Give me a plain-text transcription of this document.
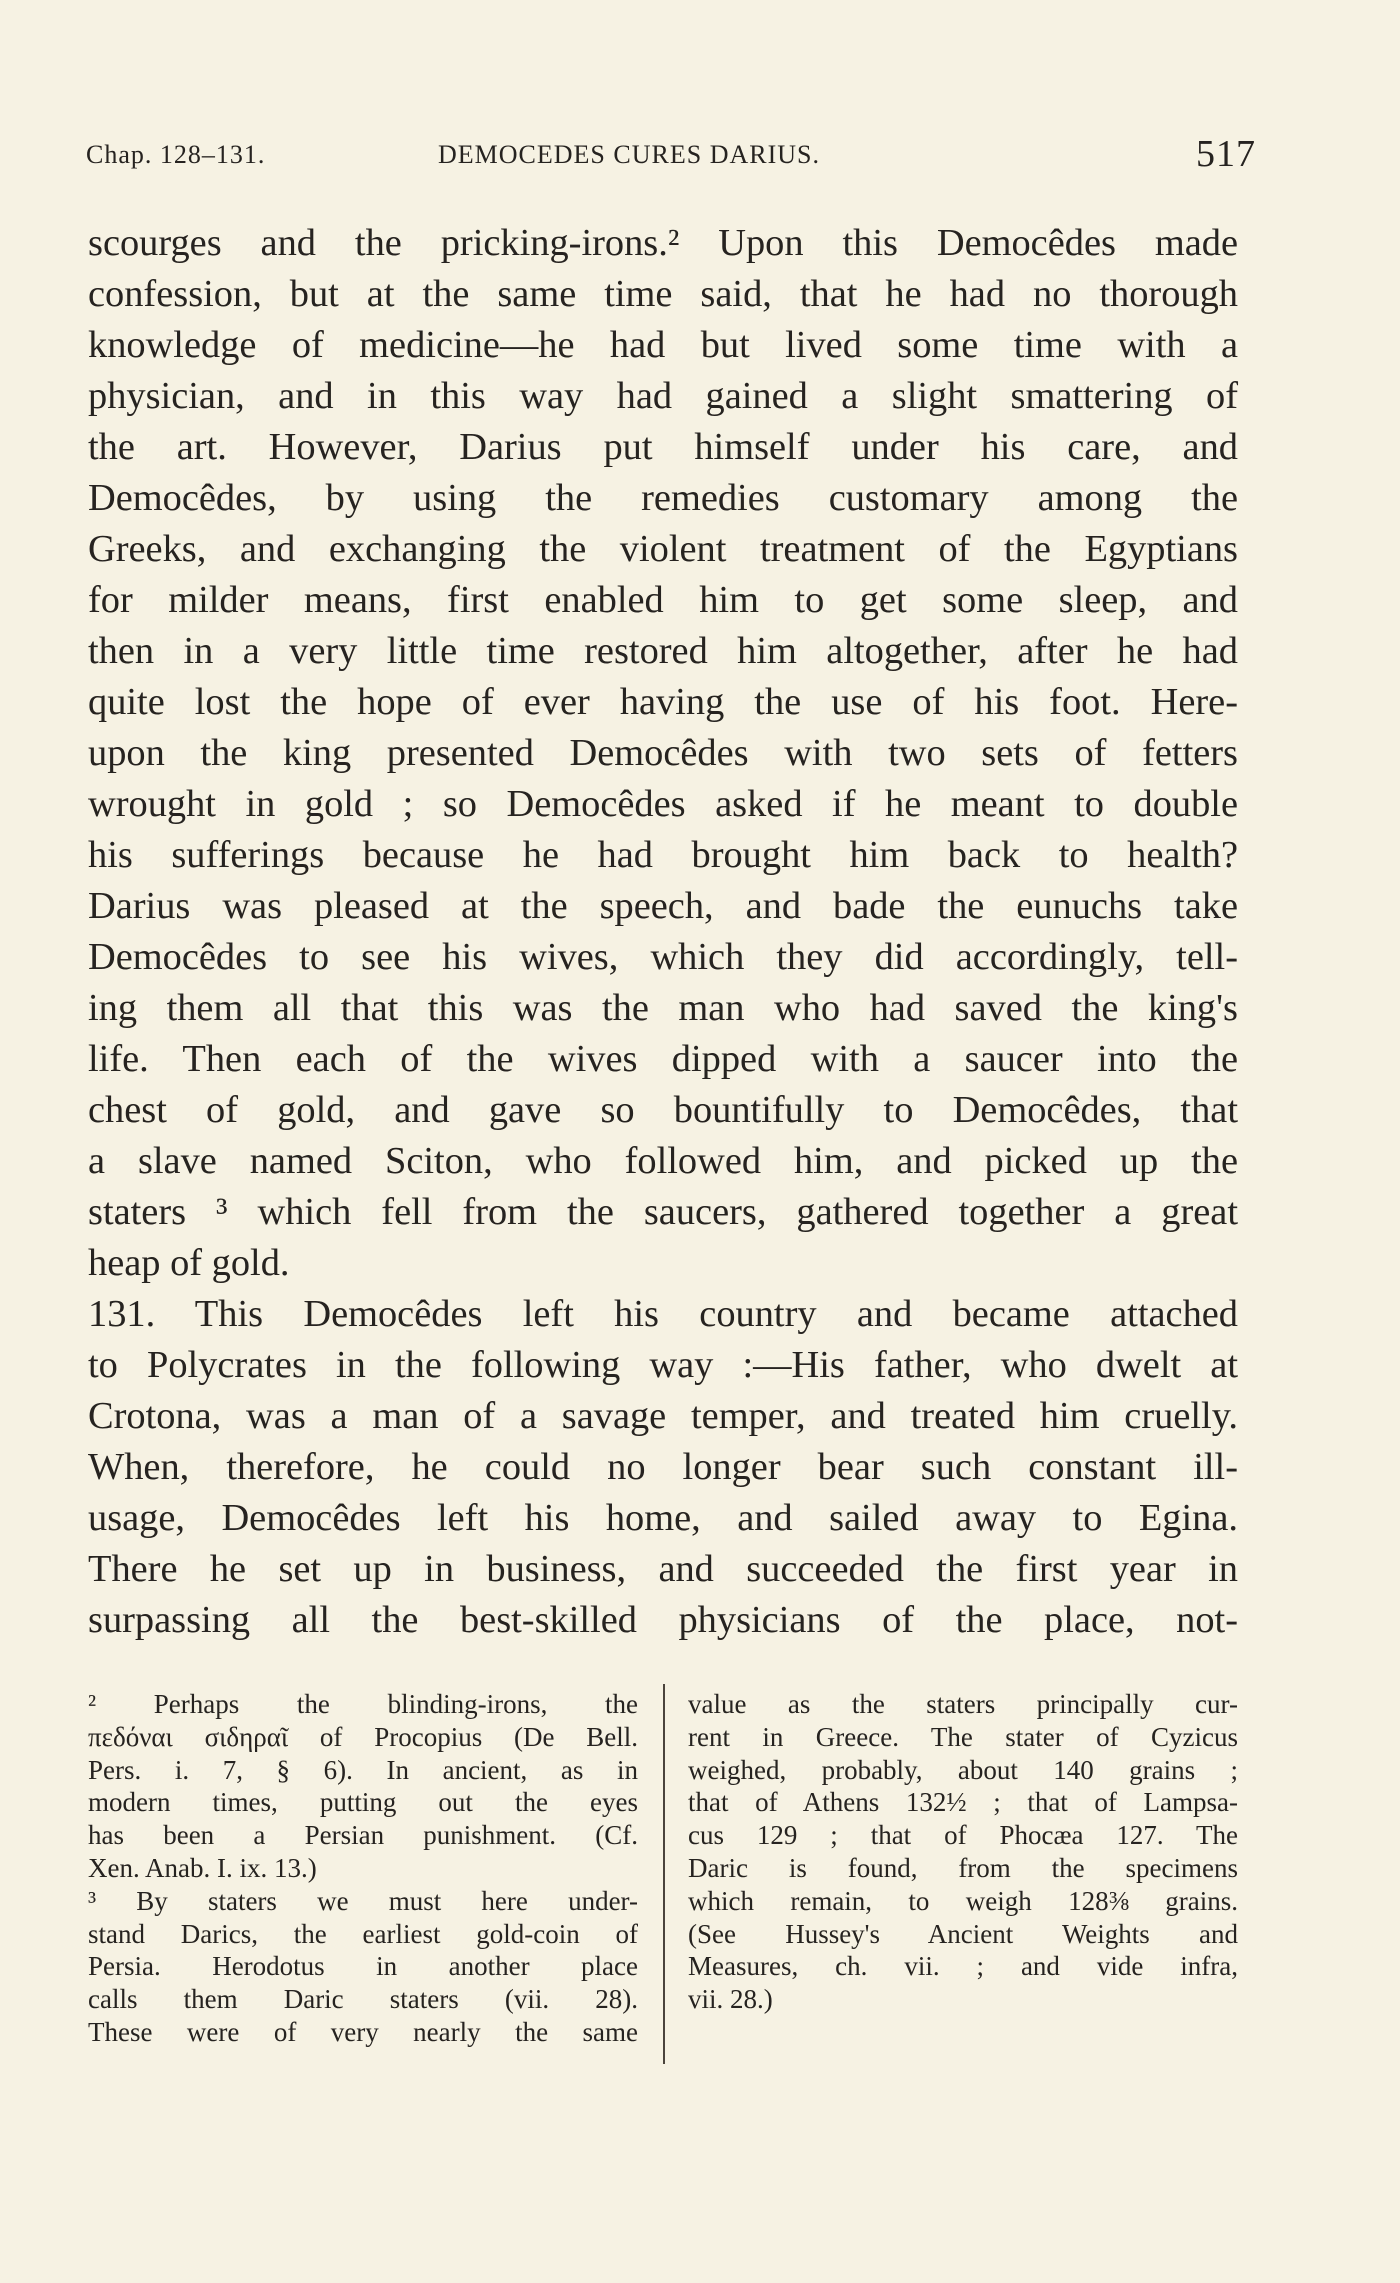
Chap. 128–131.	DEMOCEDES CURES DARIUS.	517
scourges and the pricking-irons.² Upon this Democêdes made
confession, but at the same time said, that he had no thorough
knowledge of medicine—he had but lived some time with a
physician, and in this way had gained a slight smattering of
the art. However, Darius put himself under his care, and
Democêdes, by using the remedies customary among the
Greeks, and exchanging the violent treatment of the Egyptians
for milder means, first enabled him to get some sleep, and
then in a very little time restored him altogether, after he had
quite lost the hope of ever having the use of his foot. Here-
upon the king presented Democêdes with two sets of fetters
wrought in gold ; so Democêdes asked if he meant to double
his sufferings because he had brought him back to health?
Darius was pleased at the speech, and bade the eunuchs take
Democêdes to see his wives, which they did accordingly, tell-
ing them all that this was the man who had saved the king's
life. Then each of the wives dipped with a saucer into the
chest of gold, and gave so bountifully to Democêdes, that
a slave named Sciton, who followed him, and picked up the
staters ³ which fell from the saucers, gathered together a great
heap of gold.
131. This Democêdes left his country and became attached
to Polycrates in the following way :—His father, who dwelt at
Crotona, was a man of a savage temper, and treated him cruelly.
When, therefore, he could no longer bear such constant ill-
usage, Democêdes left his home, and sailed away to Egina.
There he set up in business, and succeeded the first year in
surpassing all the best-skilled physicians of the place, not-
² Perhaps the blinding-irons, the
πεδόναι σιδηραῖ of Procopius (De Bell.
Pers. i. 7, § 6). In ancient, as in
modern times, putting out the eyes
has been a Persian punishment. (Cf.
Xen. Anab. I. ix. 13.)
³ By staters we must here under-
stand Darics, the earliest gold-coin of
Persia. Herodotus in another place
calls them Daric staters (vii. 28).
These were of very nearly the same
value as the staters principally cur-
rent in Greece. The stater of Cyzicus
weighed, probably, about 140 grains ;
that of Athens 132½ ; that of Lampsa-
cus 129 ; that of Phocæa 127. The
Daric is found, from the specimens
which remain, to weigh 128⅜ grains.
(See Hussey's Ancient Weights and
Measures, ch. vii. ; and vide infra,
vii. 28.)
